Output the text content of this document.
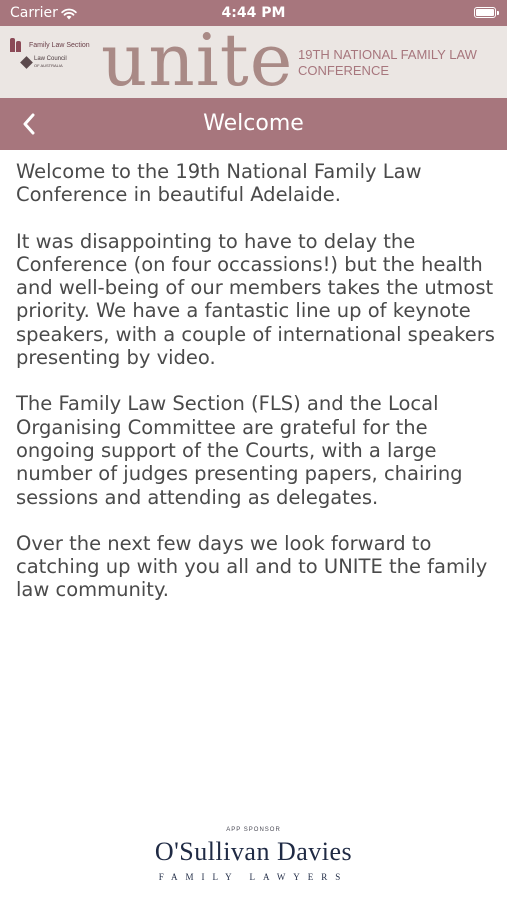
Carrier	4:44 PM
Family Law Section
Law Council
OF AUSTRALIA unite 19TH NATIONAL FAMILY LAW CONFERENCE
Welcome

Welcome to the 19th National Family Law Conference in beautiful Adelaide.

It was disappointing to have to delay the Conference (on four occassions!) but the health and well-being of our members takes the utmost priority. We have a fantastic line up of keynote speakers, with a couple of international speakers presenting by video.

The Family Law Section (FLS) and the Local Organising Committee are grateful for the ongoing support of the Courts, with a large number of judges presenting papers, chairing sessions and attending as delegates.

Over the next few days we look forward to catching up with you all and to UNITE the family law community.

APP SPONSOR
O'Sullivan Davies
FAMILY LAWYERS
